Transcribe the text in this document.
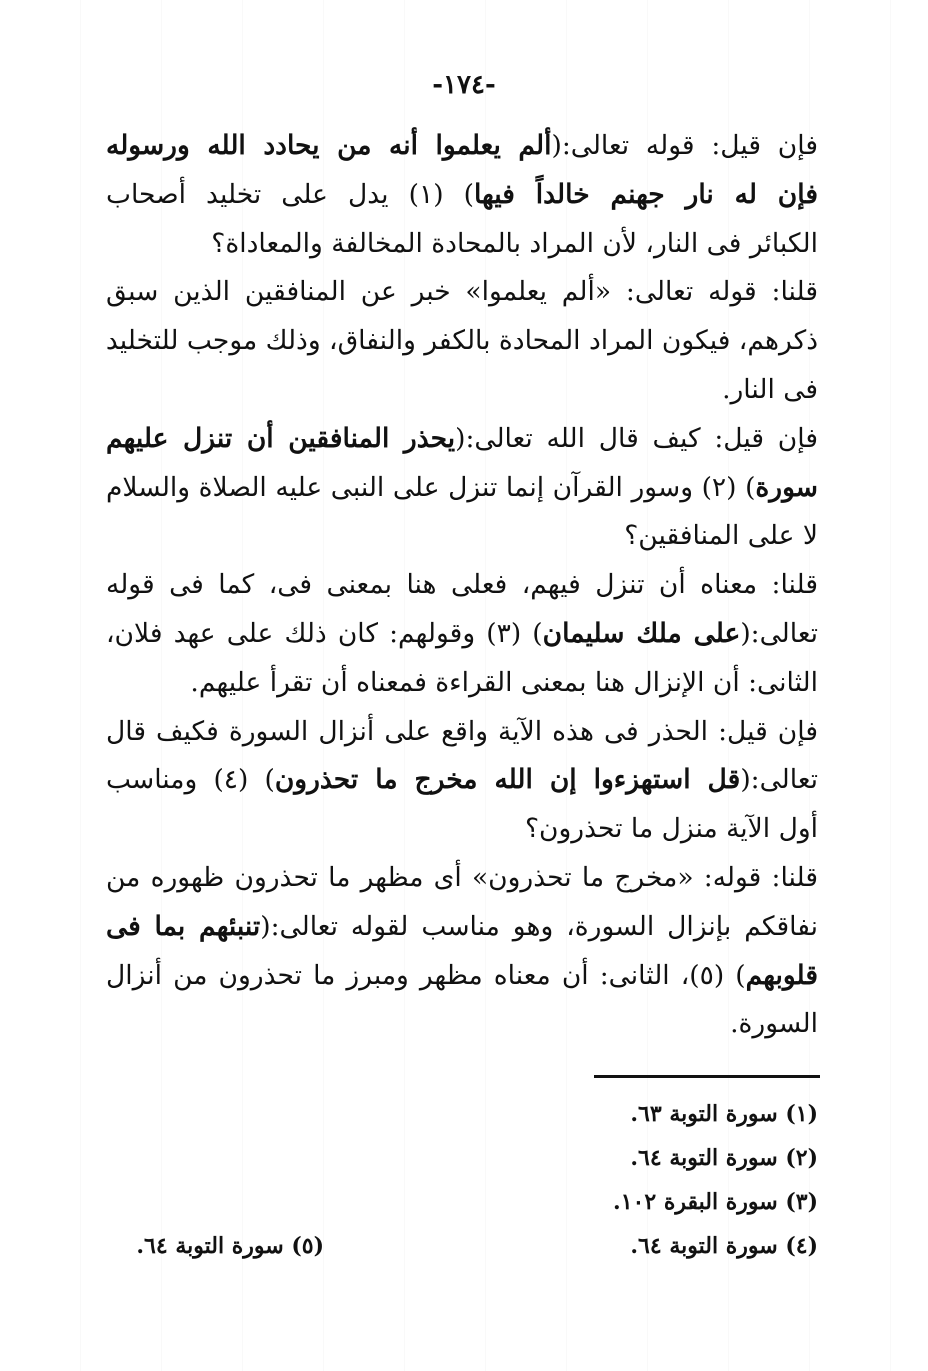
-١٧٤-
فإن قيل: قوله تعالى:(ألم يعلموا أنه من يحادد الله ورسوله
فإن له نار جهنم خالداً فيها) (١) يدل على تخليد أصحاب
الكبائر فى النار، لأن المراد بالمحادة المخالفة والمعاداة؟
قلنا: قوله تعالى: «ألم يعلموا» خبر عن المنافقين الذين سبق
ذكرهم، فيكون المراد المحادة بالكفر والنفاق، وذلك موجب للتخليد
فى النار.
فإن قيل: كيف قال الله تعالى:(يحذر المنافقين أن تنزل عليهم
سورة) (٢) وسور القرآن إنما تنزل على النبى عليه الصلاة والسلام
لا على المنافقين؟
قلنا: معناه أن تنزل فيهم، فعلى هنا بمعنى فى، كما فى قوله
تعالى:(على ملك سليمان) (٣) وقولهم: كان ذلك على عهد فلان،
الثانى: أن الإنزال هنا بمعنى القراءة فمعناه أن تقرأ عليهم.
فإن قيل: الحذر فى هذه الآية واقع على أنزال السورة فكيف قال
تعالى:(قل استهزءوا إن الله مخرج ما تحذرون) (٤) ومناسب
أول الآية منزل ما تحذرون؟
قلنا: قوله: «مخرج ما تحذرون» أى مظهر ما تحذرون ظهوره من
نفاقكم بإنزال السورة، وهو مناسب لقوله تعالى:(تنبئهم بما فى
قلوبهم) (٥)، الثانى: أن معناه مظهر ومبرز ما تحذرون من أنزال
السورة.
(١) سورة التوبة ٦٣.
(٢) سورة التوبة ٦٤.
(٣) سورة البقرة ١٠٢.
(٤) سورة التوبة ٦٤.
(٥) سورة التوبة ٦٤.
